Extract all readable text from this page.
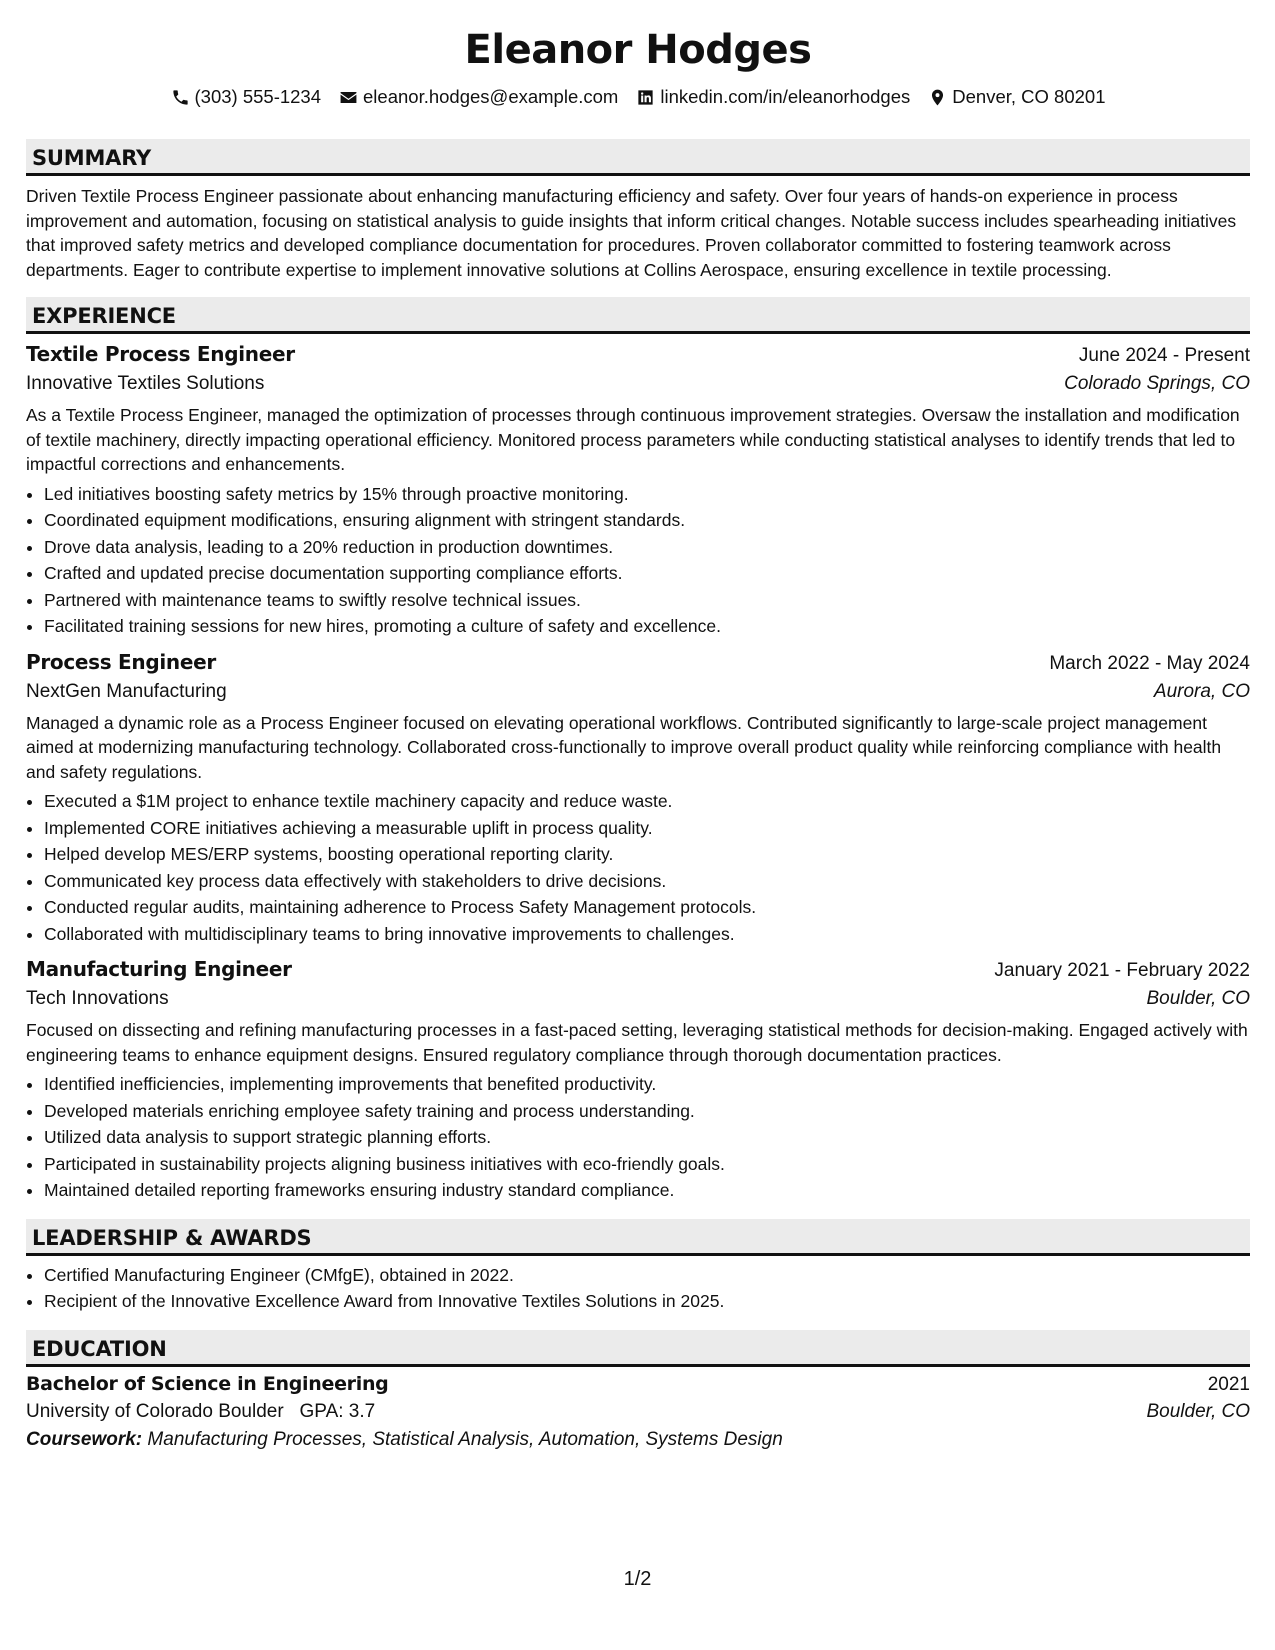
Eleanor Hodges
(303) 555-1234 eleanor.hodges@example.com linkedin.com/in/eleanorhodges Denver, CO 80201
SUMMARY

Driven Textile Process Engineer passionate about enhancing manufacturing efficiency and safety. Over four years of hands-on experience in process improvement and automation, focusing on statistical analysis to guide insights that inform critical changes. Notable success includes spearheading initiatives that improved safety metrics and developed compliance documentation for procedures. Proven collaborator committed to fostering teamwork across departments. Eager to contribute expertise to implement innovative solutions at Collins Aerospace, ensuring excellence in textile processing.

EXPERIENCE
Textile Process Engineer	June 2024 - Present
Innovative Textiles Solutions	Colorado Springs, CO

As a Textile Process Engineer, managed the optimization of processes through continuous improvement strategies. Oversaw the installation and modification of textile machinery, directly impacting operational efficiency. Monitored process parameters while conducting statistical analyses to identify trends that led to impactful corrections and enhancements.

• Led initiatives boosting safety metrics by 15% through proactive monitoring.
• Coordinated equipment modifications, ensuring alignment with stringent standards.
• Drove data analysis, leading to a 20% reduction in production downtimes.
• Crafted and updated precise documentation supporting compliance efforts.
• Partnered with maintenance teams to swiftly resolve technical issues.
• Facilitated training sessions for new hires, promoting a culture of safety and excellence.
Process Engineer	March 2022 - May 2024
NextGen Manufacturing	Aurora, CO

Managed a dynamic role as a Process Engineer focused on elevating operational workflows. Contributed significantly to large-scale project management aimed at modernizing manufacturing technology. Collaborated cross-functionally to improve overall product quality while reinforcing compliance with health and safety regulations.

• Executed a $1M project to enhance textile machinery capacity and reduce waste.
• Implemented CORE initiatives achieving a measurable uplift in process quality.
• Helped develop MES/ERP systems, boosting operational reporting clarity.
• Communicated key process data effectively with stakeholders to drive decisions.
• Conducted regular audits, maintaining adherence to Process Safety Management protocols.
• Collaborated with multidisciplinary teams to bring innovative improvements to challenges.
Manufacturing Engineer	January 2021 - February 2022
Tech Innovations	Boulder, CO

Focused on dissecting and refining manufacturing processes in a fast-paced setting, leveraging statistical methods for decision-making. Engaged actively with engineering teams to enhance equipment designs. Ensured regulatory compliance through thorough documentation practices.

• Identified inefficiencies, implementing improvements that benefited productivity.
• Developed materials enriching employee safety training and process understanding.
• Utilized data analysis to support strategic planning efforts.
• Participated in sustainability projects aligning business initiatives with eco-friendly goals.
• Maintained detailed reporting frameworks ensuring industry standard compliance.
LEADERSHIP & AWARDS
• Certified Manufacturing Engineer (CMfgE), obtained in 2022.
• Recipient of the Innovative Excellence Award from Innovative Textiles Solutions in 2025.
EDUCATION
Bachelor of Science in Engineering	2021
University of Colorado Boulder GPA: 3.7	Boulder, CO
Coursework: Manufacturing Processes, Statistical Analysis, Automation, Systems Design
1/2
